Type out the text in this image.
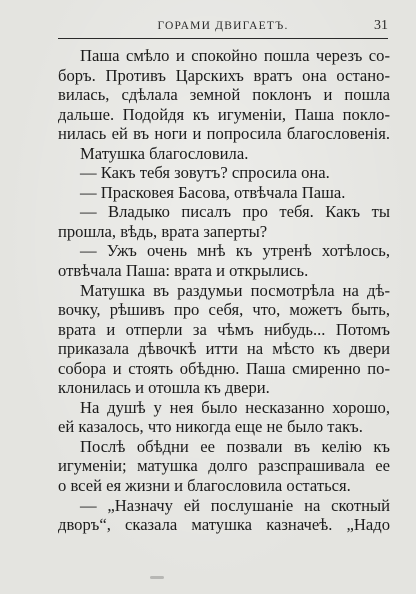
ГОРАМИ ДВИГАЕТЪ.	31
Паша смѣло и спокойно пошла черезъ со-
боръ. Противъ Царскихъ вратъ она остано-
вилась, сдѣлала земной поклонъ и пошла
дальше. Подойдя къ игуменіи, Паша покло-
нилась ей въ ноги и попросила благословенія.
Матушка благословила.
— Какъ тебя зовутъ? спросила она.
— Прасковея Басова, отвѣчала Паша.
— Владыко писалъ про тебя. Какъ ты
прошла, вѣдь, врата заперты?
— Ужъ очень мнѣ къ утренѣ хотѣлось,
отвѣчала Паша: врата и открылись.
Матушка въ раздумьи посмотрѣла на дѣ-
вочку, рѣшивъ про себя, что, можетъ быть,
врата и отперли за чѣмъ нибудь... Потомъ
приказала дѣвочкѣ итти на мѣсто къ двери
собора и стоять обѣдню. Паша смиренно по-
клонилась и отошла къ двери.
На душѣ у нея было несказанно хорошо,
ей казалось, что никогда еще не было такъ.
Послѣ обѣдни ее позвали въ келію къ
игуменіи; матушка долго разспрашивала ее
о всей ея жизни и благословила остаться.
— „Назначу ей послушаніе на скотный
дворъ“, сказала матушка казначеѣ. „Надо
